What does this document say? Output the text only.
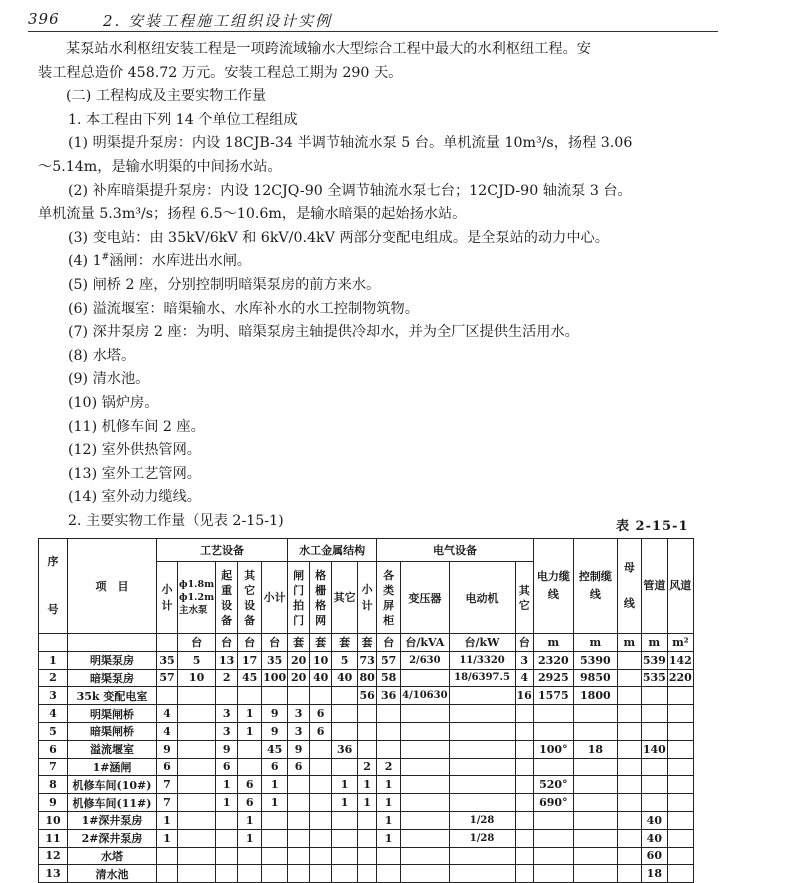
396	2. 安装工程施工组织设计实例

某泵站水利枢纽安装工程是一项跨流域输水大型综合工程中最大的水利枢纽工程。安

装工程总造价 458.72 万元。安装工程总工期为 290 天。

(二) 工程构成及主要实物工作量

1. 本工程由下列 14 个单位工程组成

(1) 明渠提升泵房：内设 18CJB-34 半调节轴流水泵 5 台。单机流量 10m³/s，扬程 3.06

～5.14m，是输水明渠的中间扬水站。

(2) 补库暗渠提升泵房：内设 12CJQ-90 全调节轴流水泵七台；12CJD-90 轴流泵 3 台。

单机流量 5.3m³/s；扬程 6.5～10.6m，是输水暗渠的起始扬水站。

(3) 变电站：由 35kV/6kV 和 6kV/0.4kV 两部分变配电组成。是全泵站的动力中心。

(4) 1#涵闸：水库进出水闸。

(5) 闸桥 2 座，分别控制明暗渠泵房的前方来水。

(6) 溢流堰室：暗渠输水、水库补水的水工控制物筑物。

(7) 深井泵房 2 座：为明、暗渠泵房主轴提供冷却水，并为全厂区提供生活用水。

(8) 水塔。

(9) 清水池。

(10) 锅炉房。

(11) 机修车间 2 座。

(12) 室外供热管网。

(13) 室外工艺管网。

(14) 室外动力缆线。

2. 主要实物工作量（见表 2-15-1)	表 2-15-1
序
号	项　目	工艺设备					水工金属结构				电气设备				电力缆线	控制缆线	母线	管道	风道
		小计	ф1.8m
ф1.2m
主水泵	起重设备	其它设备	小计	闸门拍门	格栅格网	其它	小计	各类屏柜	变压器	电动机	其它					
			台	台	台	台	套	套	套	套	台	台/kVA	台/kW	台	m	m	m	m	m²
1	明渠泵房	35	5	13	17	35	20	10	5	73	57	2/630	11/3320	3	2320	5390		539	142
2	暗渠泵房	57	10	2	45	100	20	40	40	80	58		18/6397.5	4	2925	9850		535	220
3	35k 变配电室									56	36	4/10630		16	1575	1800			
4	明渠闸桥	4		3	1	9	3	6											
5	暗渠闸桥	4		3	1	9	3	6											
6	溢流堰室	9		9		45	9		36						100°	18		140	
7	1#涵闸	6		6		6	6			2	2								
8	机修车间(10#)	7		1	6	1			1	1	1				520°				
9	机修车间(11#)	7		1	6	1			1	1	1				690°				
10	1#深井泵房	1			1						1		1/28					40	
11	2#深井泵房	1			1						1		1/28					40	
12	水塔																	60	
13	清水池																	18	
